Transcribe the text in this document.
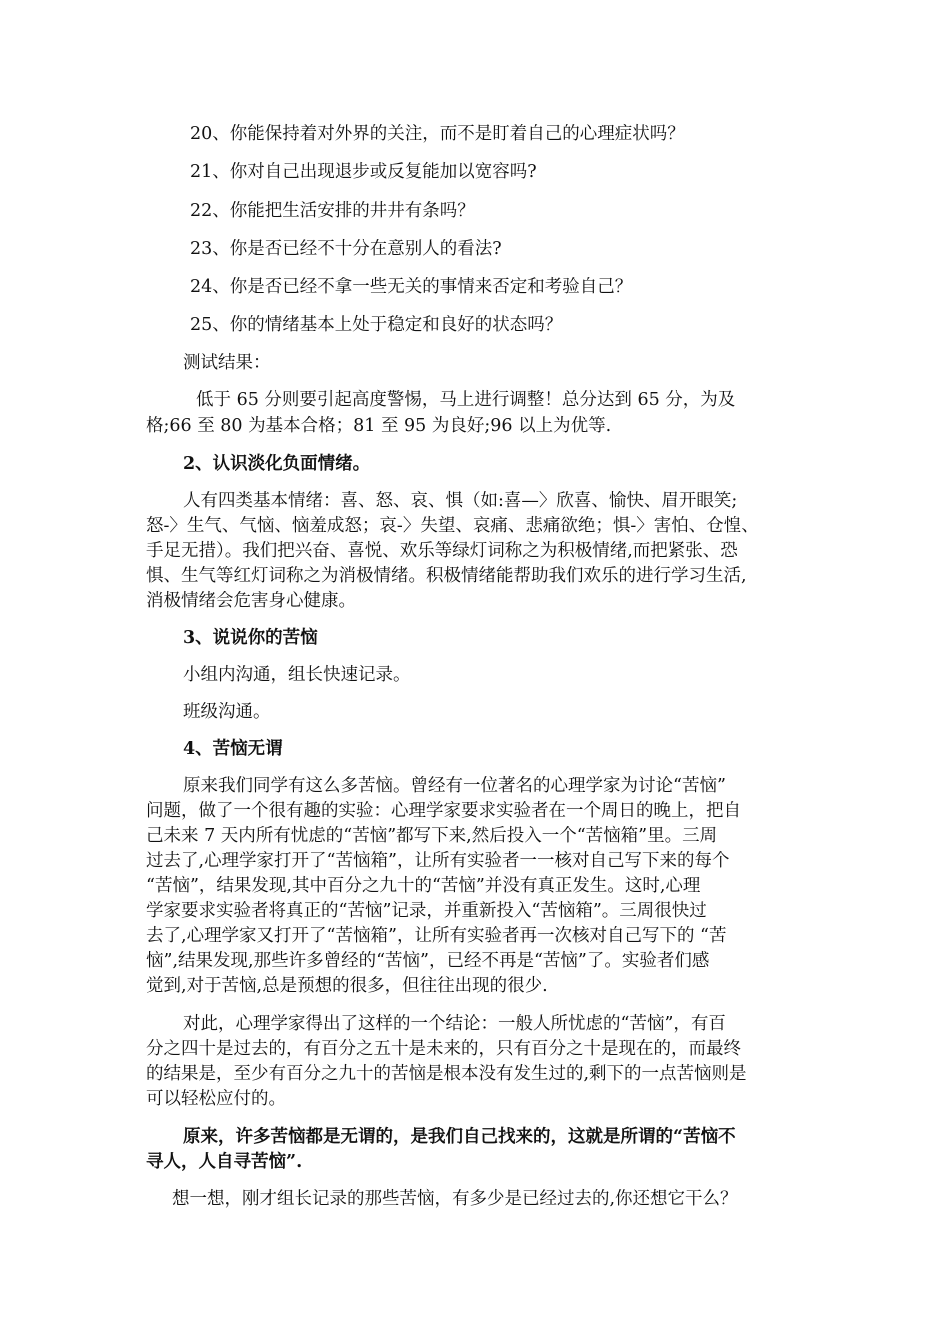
20、你能保持着对外界的关注，而不是盯着自己的心理症状吗？
21、你对自己出现退步或反复能加以宽容吗?
22、你能把生活安排的井井有条吗？
23、你是否已经不十分在意别人的看法?
24、你是否已经不拿一些无关的事情来否定和考验自己？
25、你的情绪基本上处于稳定和良好的状态吗？
测试结果：
低于 65 分则要引起高度警惕，马上进行调整！总分达到 65 分，为及
格;66 至 80 为基本合格；81 至 95 为良好;96 以上为优等.
2、认识淡化负面情绪。
人有四类基本情绪：喜、怒、哀、惧（如:喜—〉欣喜、愉快、眉开眼笑;
怒-〉生气、气恼、恼羞成怒；哀-〉失望、哀痛、悲痛欲绝；惧-〉害怕、仓惶、
手足无措）。我们把兴奋、喜悦、欢乐等绿灯词称之为积极情绪,而把紧张、恐
惧、生气等红灯词称之为消极情绪。积极情绪能帮助我们欢乐的进行学习生活,
消极情绪会危害身心健康。
3、说说你的苦恼
小组内沟通，组长快速记录。
班级沟通。
4、苦恼无谓
原来我们同学有这么多苦恼。曾经有一位著名的心理学家为讨论“苦恼”
问题，做了一个很有趣的实验：心理学家要求实验者在一个周日的晚上，把自
己未来 7 天内所有忧虑的“苦恼”都写下来,然后投入一个“苦恼箱”里。三周
过去了,心理学家打开了“苦恼箱”，让所有实验者一一核对自己写下来的每个
“苦恼”，结果发现,其中百分之九十的“苦恼”并没有真正发生。这时,心理
学家要求实验者将真正的“苦恼”记录，并重新投入“苦恼箱”。三周很快过
去了,心理学家又打开了“苦恼箱”，让所有实验者再一次核对自己写下的 “苦
恼”,结果发现,那些许多曾经的“苦恼”，已经不再是“苦恼”了。实验者们感
觉到,对于苦恼,总是预想的很多，但往往出现的很少.
对此，心理学家得出了这样的一个结论：一般人所忧虑的“苦恼”，有百
分之四十是过去的，有百分之五十是未来的，只有百分之十是现在的，而最终
的结果是，至少有百分之九十的苦恼是根本没有发生过的,剩下的一点苦恼则是
可以轻松应付的。
原来，许多苦恼都是无谓的，是我们自己找来的，这就是所谓的“苦恼不
寻人，人自寻苦恼”.
想一想，刚才组长记录的那些苦恼，有多少是已经过去的,你还想它干么？
